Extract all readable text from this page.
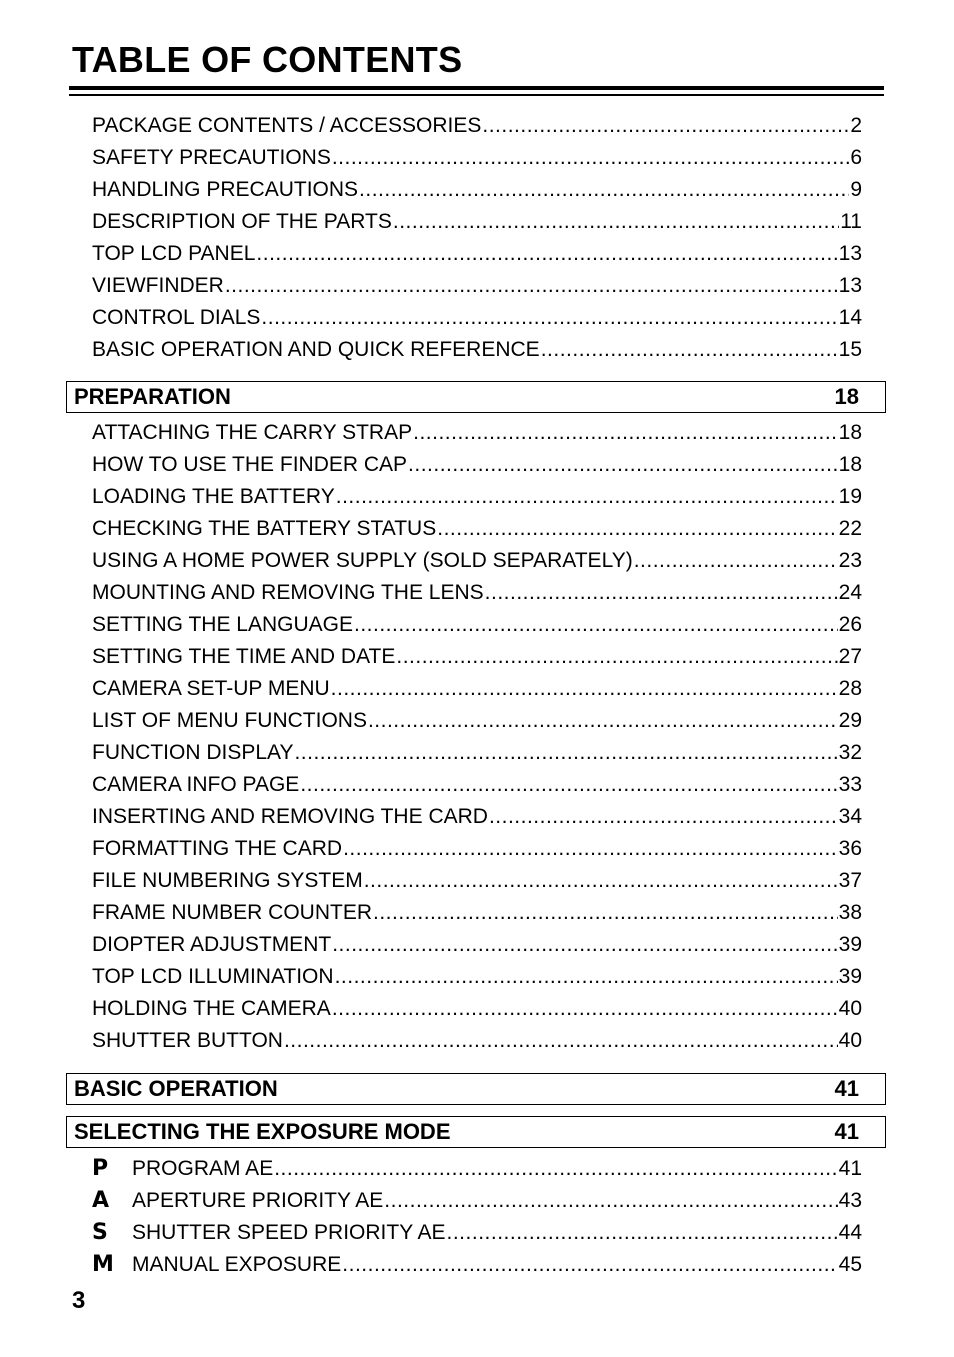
TABLE OF CONTENTS
PACKAGE CONTENTS / ACCESSORIES .....	2
SAFETY PRECAUTIONS .....	6
HANDLING PRECAUTIONS .....	9
DESCRIPTION OF THE PARTS .....	11
TOP LCD PANEL .....	13
VIEWFINDER .....	13
CONTROL DIALS .....	14
BASIC OPERATION AND QUICK REFERENCE .....	15
PREPARATION	18
ATTACHING THE CARRY STRAP .....	18
HOW TO USE THE FINDER CAP .....	18
LOADING THE BATTERY .....	19
CHECKING THE BATTERY STATUS .....	22
USING A HOME POWER SUPPLY (SOLD SEPARATELY) .....	23
MOUNTING AND REMOVING THE LENS .....	24
SETTING THE LANGUAGE .....	26
SETTING THE TIME AND DATE .....	27
CAMERA SET-UP MENU .....	28
LIST OF MENU FUNCTIONS .....	29
FUNCTION DISPLAY .....	32
CAMERA INFO PAGE .....	33
INSERTING AND REMOVING THE CARD .....	34
FORMATTING THE CARD .....	36
FILE NUMBERING SYSTEM .....	37
FRAME NUMBER COUNTER .....	38
DIOPTER ADJUSTMENT .....	39
TOP LCD ILLUMINATION .....	39
HOLDING THE CAMERA .....	40
SHUTTER BUTTON .....	40
BASIC OPERATION	41
SELECTING THE EXPOSURE MODE	41
P	PROGRAM AE .....	41
A	APERTURE PRIORITY AE .....	43
S	SHUTTER SPEED PRIORITY AE .....	44
M MANUAL EXPOSURE .....	45
3
